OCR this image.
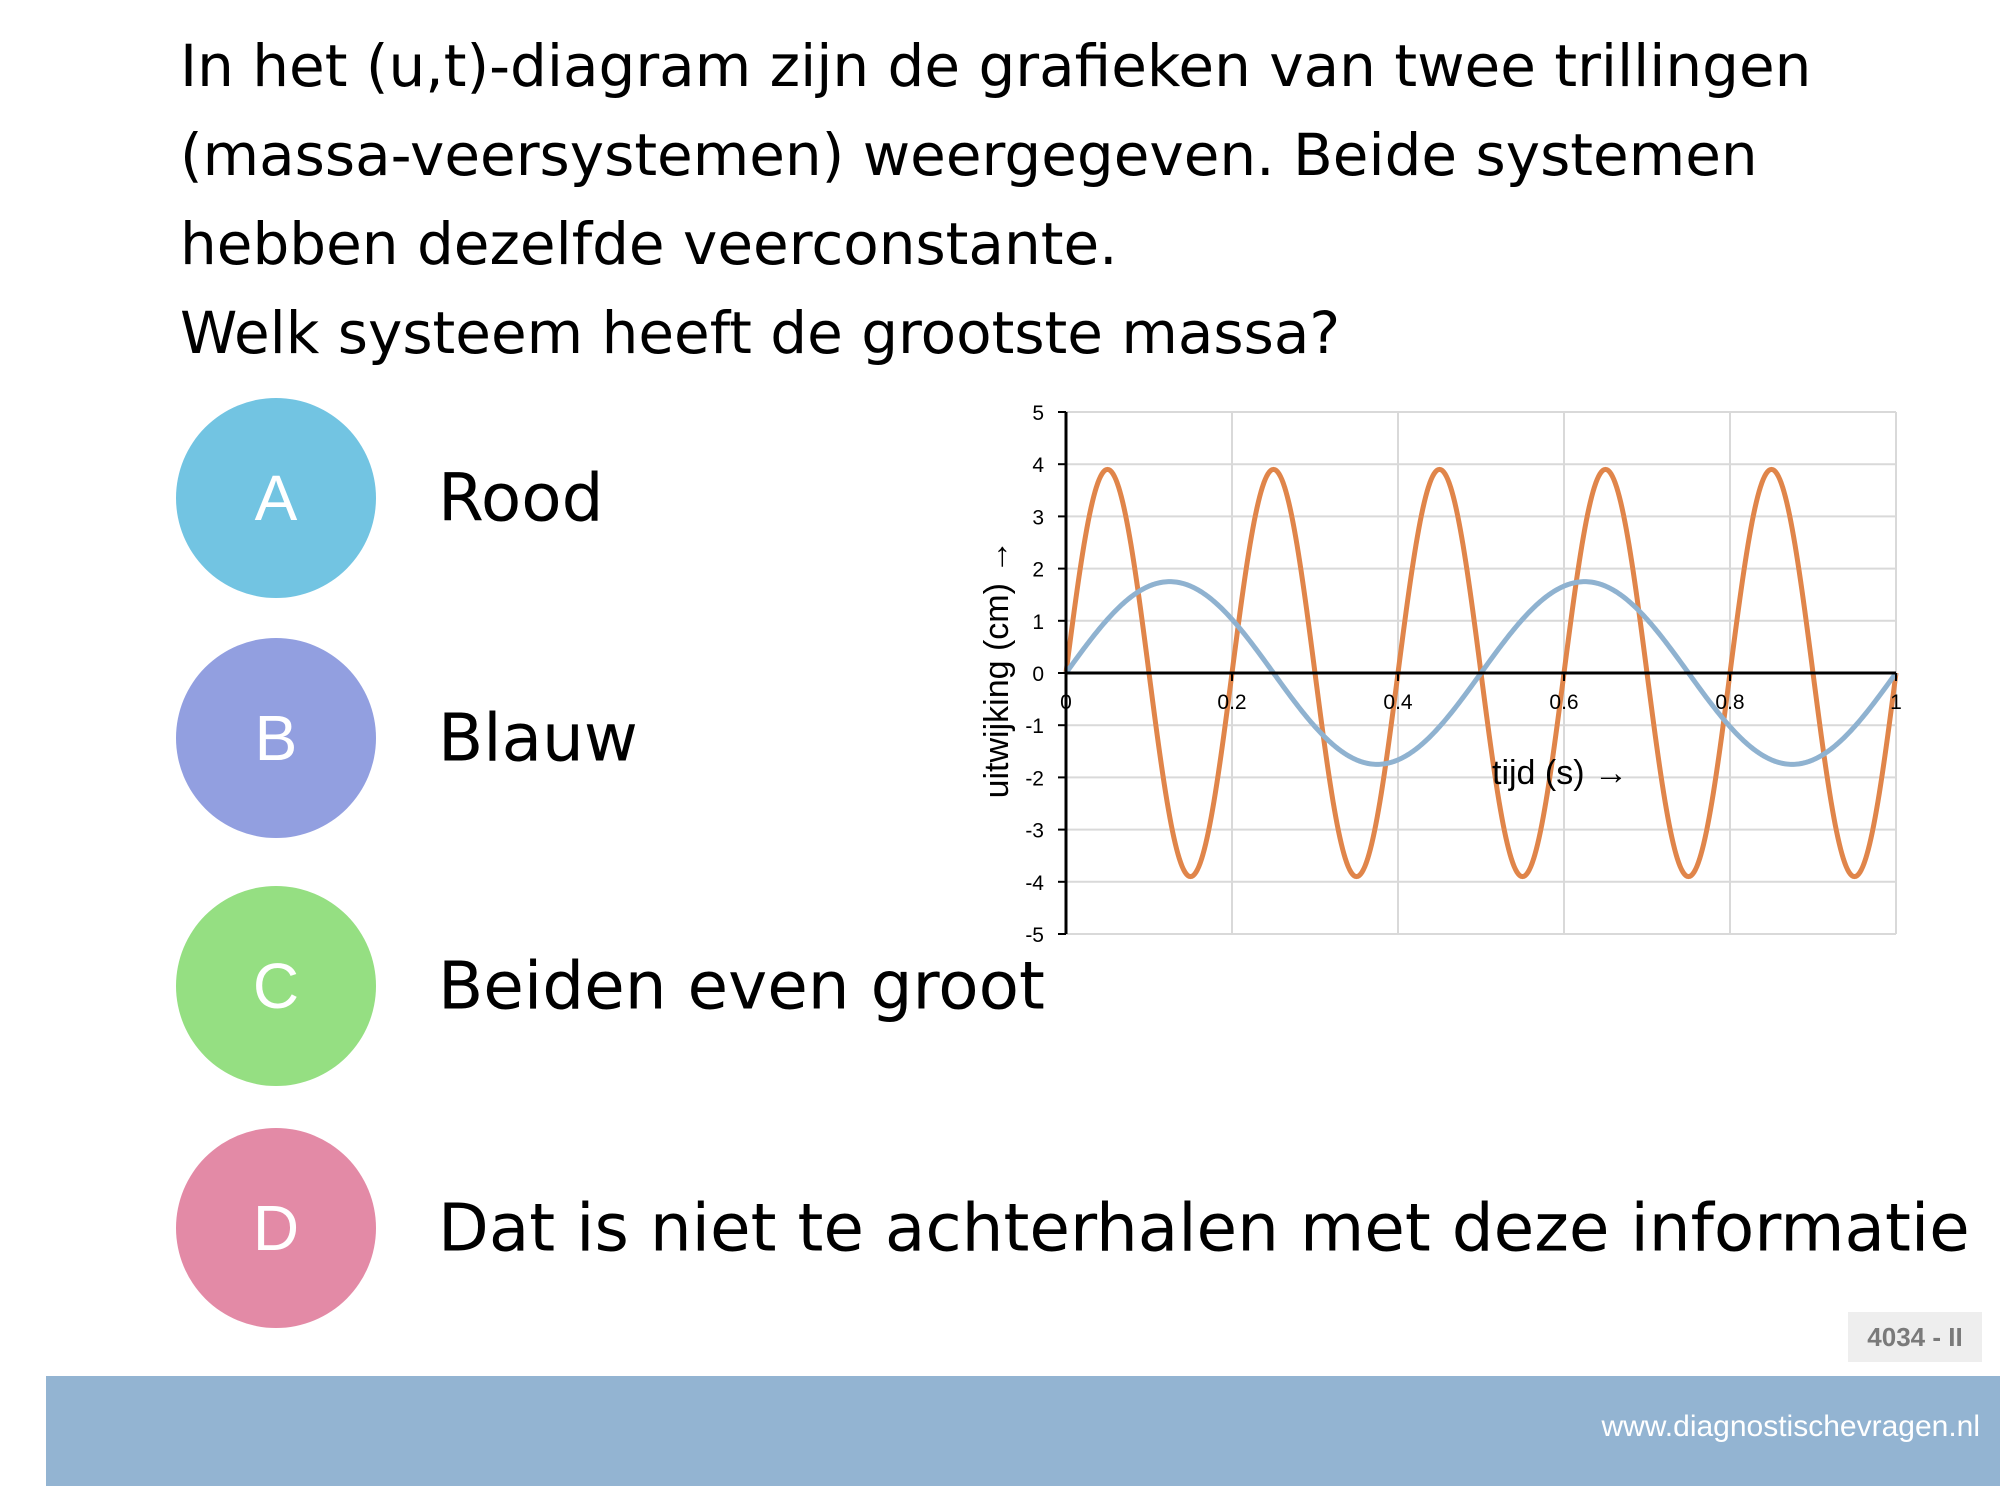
In het (u,t)-diagram zijn de grafieken van twee trillingen (massa-veersystemen) weergegeven. Beide systemen hebben dezelfde veerconstante.

Welk systeem heeft de grootste massa?

A	Rood
B	Blauw
C	Beiden even groot
D	Dat is niet te achterhalen met deze informatie
5
4
3
2
1
0
-1
-2
-3
-4
-5
0	0.2	0.4	0.6	0.8	1
tijd (s) →
uitwijking (cm) →
4034 - II
www.diagnostischevragen.nl
